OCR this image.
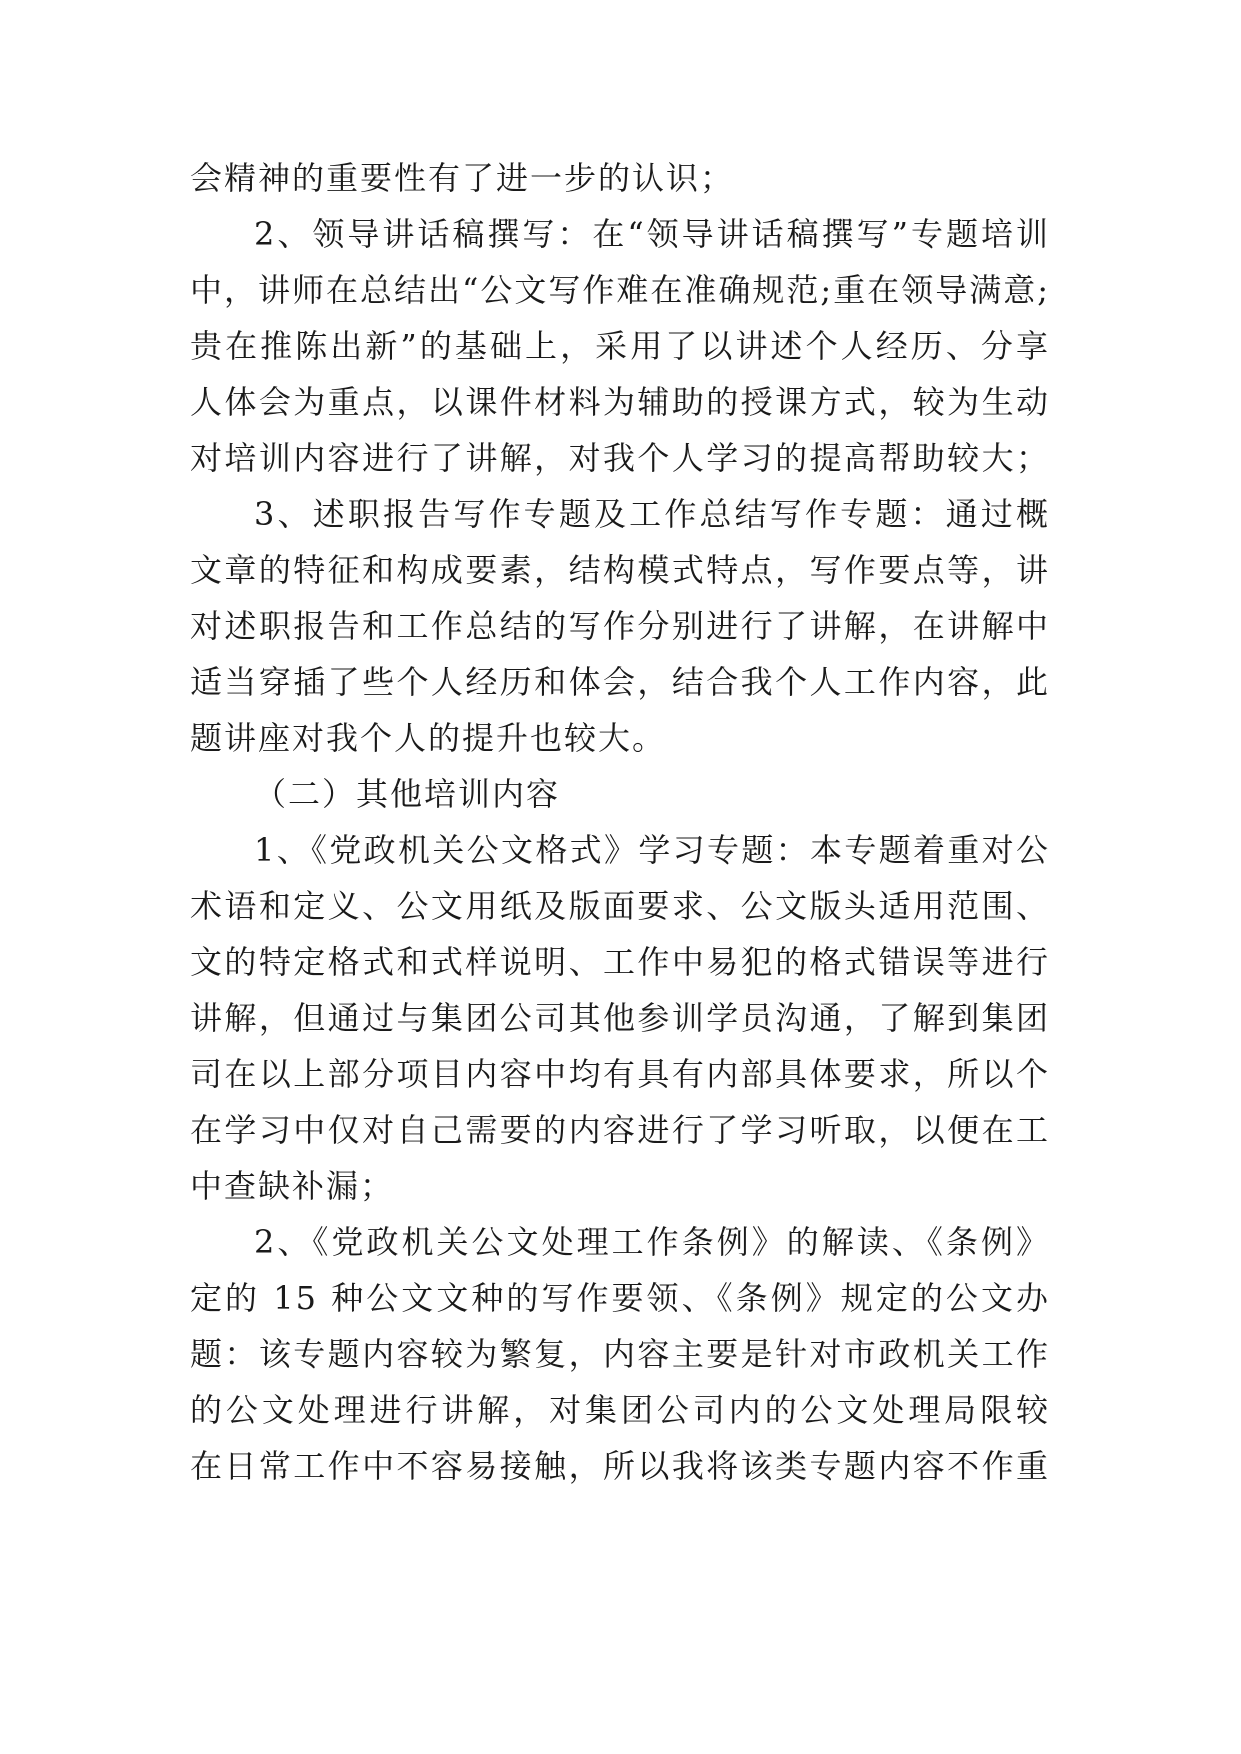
会精神的重要性有了进一步的认识；
2、领导讲话稿撰写：在“领导讲话稿撰写”专题培训
中，讲师在总结出“公文写作难在准确规范;重在领导满意;
贵在推陈出新”的基础上，采用了以讲述个人经历、分享
人体会为重点，以课件材料为辅助的授课方式，较为生动
对培训内容进行了讲解，对我个人学习的提高帮助较大；
3、述职报告写作专题及工作总结写作专题：通过概
文章的特征和构成要素，结构模式特点，写作要点等，讲
对述职报告和工作总结的写作分别进行了讲解，在讲解中
适当穿插了些个人经历和体会，结合我个人工作内容，此
题讲座对我个人的提升也较大。
（二）其他培训内容
1、《党政机关公文格式》学习专题：本专题着重对公
术语和定义、公文用纸及版面要求、公文版头适用范围、
文的特定格式和式样说明、工作中易犯的格式错误等进行
讲解，但通过与集团公司其他参训学员沟通，了解到集团
司在以上部分项目内容中均有具有内部具体要求，所以个
在学习中仅对自己需要的内容进行了学习听取，以便在工
中查缺补漏；
2、《党政机关公文处理工作条例》的解读、《条例》
定的 15 种公文文种的写作要领、《条例》规定的公文办
题：该专题内容较为繁复，内容主要是针对市政机关工作
的公文处理进行讲解，对集团公司内的公文处理局限较
在日常工作中不容易接触，所以我将该类专题内容不作重
